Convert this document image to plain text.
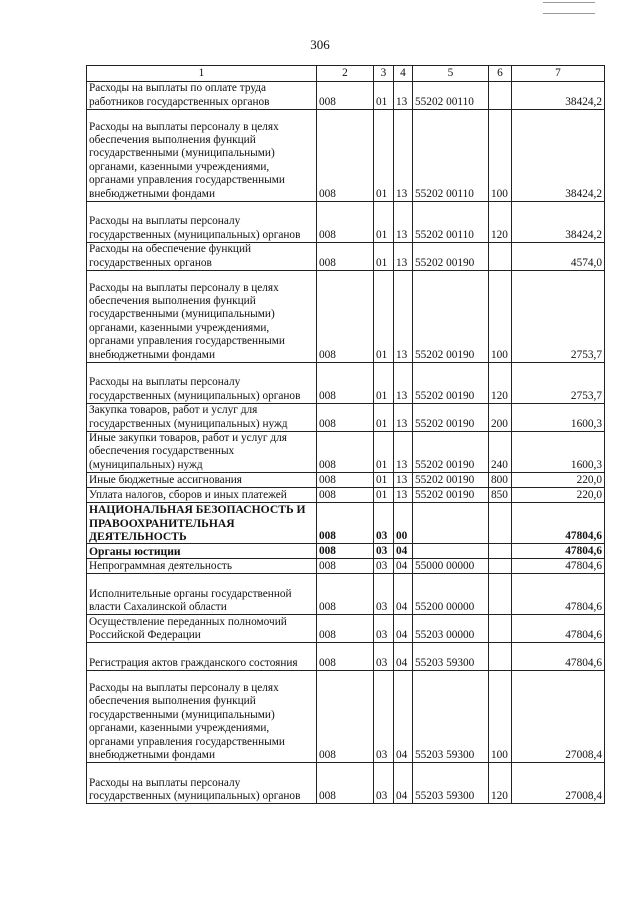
306
1	2	3	4	5	6	7
Расходы на выплаты по оплате труда работников государственных органов	008	01	13	55202 00110		38424,2
Расходы на выплаты персоналу в целях обеспечения выполнения функций государственными (муниципальными) органами, казенными учреждениями, органами управления государственными внебюджетными фондами	008	01	13	55202 00110	100	38424,2
Расходы на выплаты персоналу государственных (муниципальных) органов	008	01	13	55202 00110	120	38424,2
Расходы на обеспечение функций государственных органов	008	01	13	55202 00190		4574,0
Расходы на выплаты персоналу в целях обеспечения выполнения функций государственными (муниципальными) органами, казенными учреждениями, органами управления государственными внебюджетными фондами	008	01	13	55202 00190	100	2753,7
Расходы на выплаты персоналу государственных (муниципальных) органов	008	01	13	55202 00190	120	2753,7
Закупка товаров, работ и услуг для государственных (муниципальных) нужд	008	01	13	55202 00190	200	1600,3
Иные закупки товаров, работ и услуг для обеспечения государственных (муниципальных) нужд	008	01	13	55202 00190	240	1600,3
Иные бюджетные ассигнования	008	01	13	55202 00190	800	220,0
Уплата налогов, сборов и иных платежей	008	01	13	55202 00190	850	220,0
НАЦИОНАЛЬНАЯ БЕЗОПАСНОСТЬ И ПРАВООХРАНИТЕЛЬНАЯ ДЕЯТЕЛЬНОСТЬ	008	03	00			47804,6
Органы юстиции	008	03	04			47804,6
Непрограммная деятельность	008	03	04	55000 00000		47804,6
Исполнительные органы государственной власти Сахалинской области	008	03	04	55200 00000		47804,6
Осуществление переданных полномочий Российской Федерации	008	03	04	55203 00000		47804,6
Регистрация актов гражданского состояния	008	03	04	55203 59300		47804,6
Расходы на выплаты персоналу в целях обеспечения выполнения функций государственными (муниципальными) органами, казенными учреждениями, органами управления государственными внебюджетными фондами	008	03	04	55203 59300	100	27008,4
Расходы на выплаты персоналу государственных (муниципальных) органов	008	03	04	55203 59300	120	27008,4
